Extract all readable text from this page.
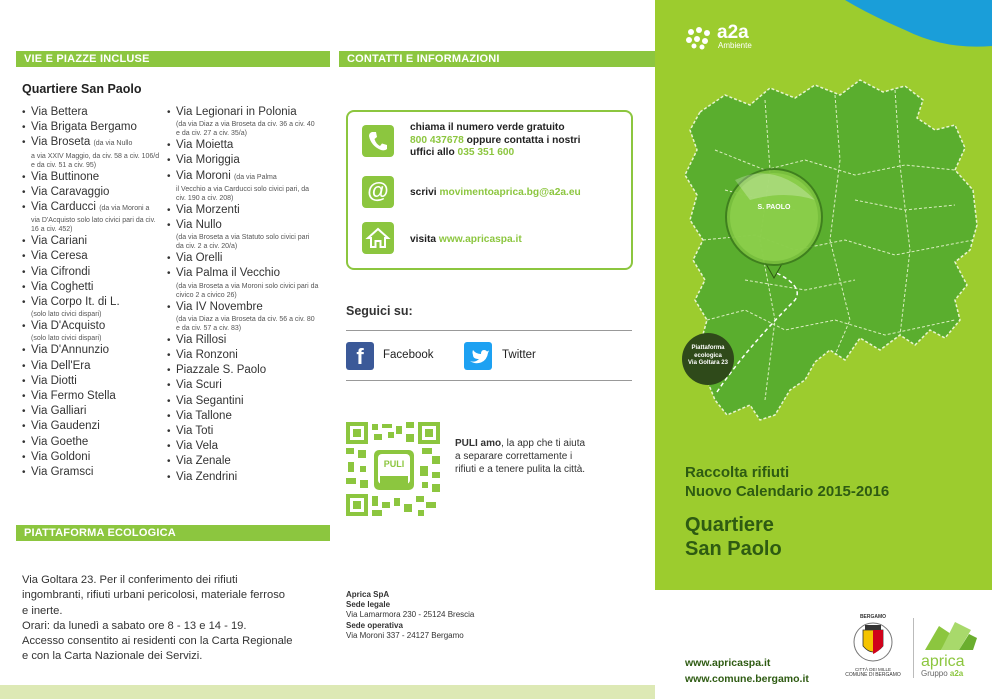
VIE E PIAZZE INCLUSE
Quartiere San Paolo
• Via Bettera
• Via Brigata Bergamo
• Via Broseta (da via Nullo
a via XXIV Maggio, da civ. 58 a civ. 106/d e da civ. 51 a civ. 95)
• Via Buttinone
• Via Caravaggio
• Via Carducci (da via Moroni a
via D'Acquisto solo lato civici pari da civ. 16 a civ. 452)
• Via Cariani
• Via Ceresa
• Via Cifrondi
• Via Coghetti
• Via Corpo It. di L.
(solo lato civici dispari)
• Via D'Acquisto
(solo lato civici dispari)
• Via D'Annunzio
• Via Dell'Era
• Via Diotti
• Via Fermo Stella
• Via Galliari
• Via Gaudenzi
• Via Goethe
• Via Goldoni
• Via Gramsci
• Via Legionari in Polonia
(da via Diaz a via Broseta da civ. 36 a civ. 40 e da civ. 27 a civ. 35/a)
• Via Moietta
• Via Moriggia
• Via Moroni (da via Palma
il Vecchio a via Carducci solo civici pari, da civ. 190 a civ. 208)
• Via Morzenti
• Via Nullo
(da via Broseta a via Statuto solo civici pari da civ. 2 a civ. 20/a)
• Via Orelli
• Via Palma il Vecchio
(da via Broseta a via Moroni solo civici pari da civico 2 a civico 26)
• Via IV Novembre
(da via Diaz a via Broseta da civ. 56 a civ. 80 e da civ. 57 a civ. 83)
• Via Rillosi
• Via Ronzoni
• Piazzale S. Paolo
• Via Scuri
• Via Segantini
• Via Tallone
• Via Toti
• Via Vela
• Via Zenale
• Via Zendrini
PIATTAFORMA ECOLOGICA
Via Goltara 23. Per il conferimento dei rifiuti
ingombranti, rifiuti urbani pericolosi, materiale ferroso
e inerte.
Orari: da lunedì a sabato ore 8 - 13 e 14 - 19.
Accesso consentito ai residenti con la Carta Regionale
e con la Carta Nazionale dei Servizi.
CONTATTI E INFORMAZIONI
chiama il numero verde gratuito
800 437678 oppure contatta i nostri
uffici allo 035 351 600
@	scrivi movimentoaprica.bg@a2a.eu
visita www.apricaspa.it
Seguici su:
f	Facebook	Twitter
PULI
PULI amo, la app che ti aiuta a separare correttamente i rifiuti e a tenere pulita la città.
Aprica SpA
Sede legale
Via Lamarmora 230 - 25124 Brescia
Sede operativa
Via Moroni 337 - 24127 Bergamo
S. PAOLO
Piattaforma
ecologica
Via Goltara 23
a2a
Ambiente
Raccolta rifiuti
Nuovo Calendario 2015-2016
Quartiere
San Paolo
www.apricaspa.it
www.comune.bergamo.it
BERGAMO
CITTÀ DEI MILLE
COMUNE DI BERGAMO
aprica
Gruppo a2a
